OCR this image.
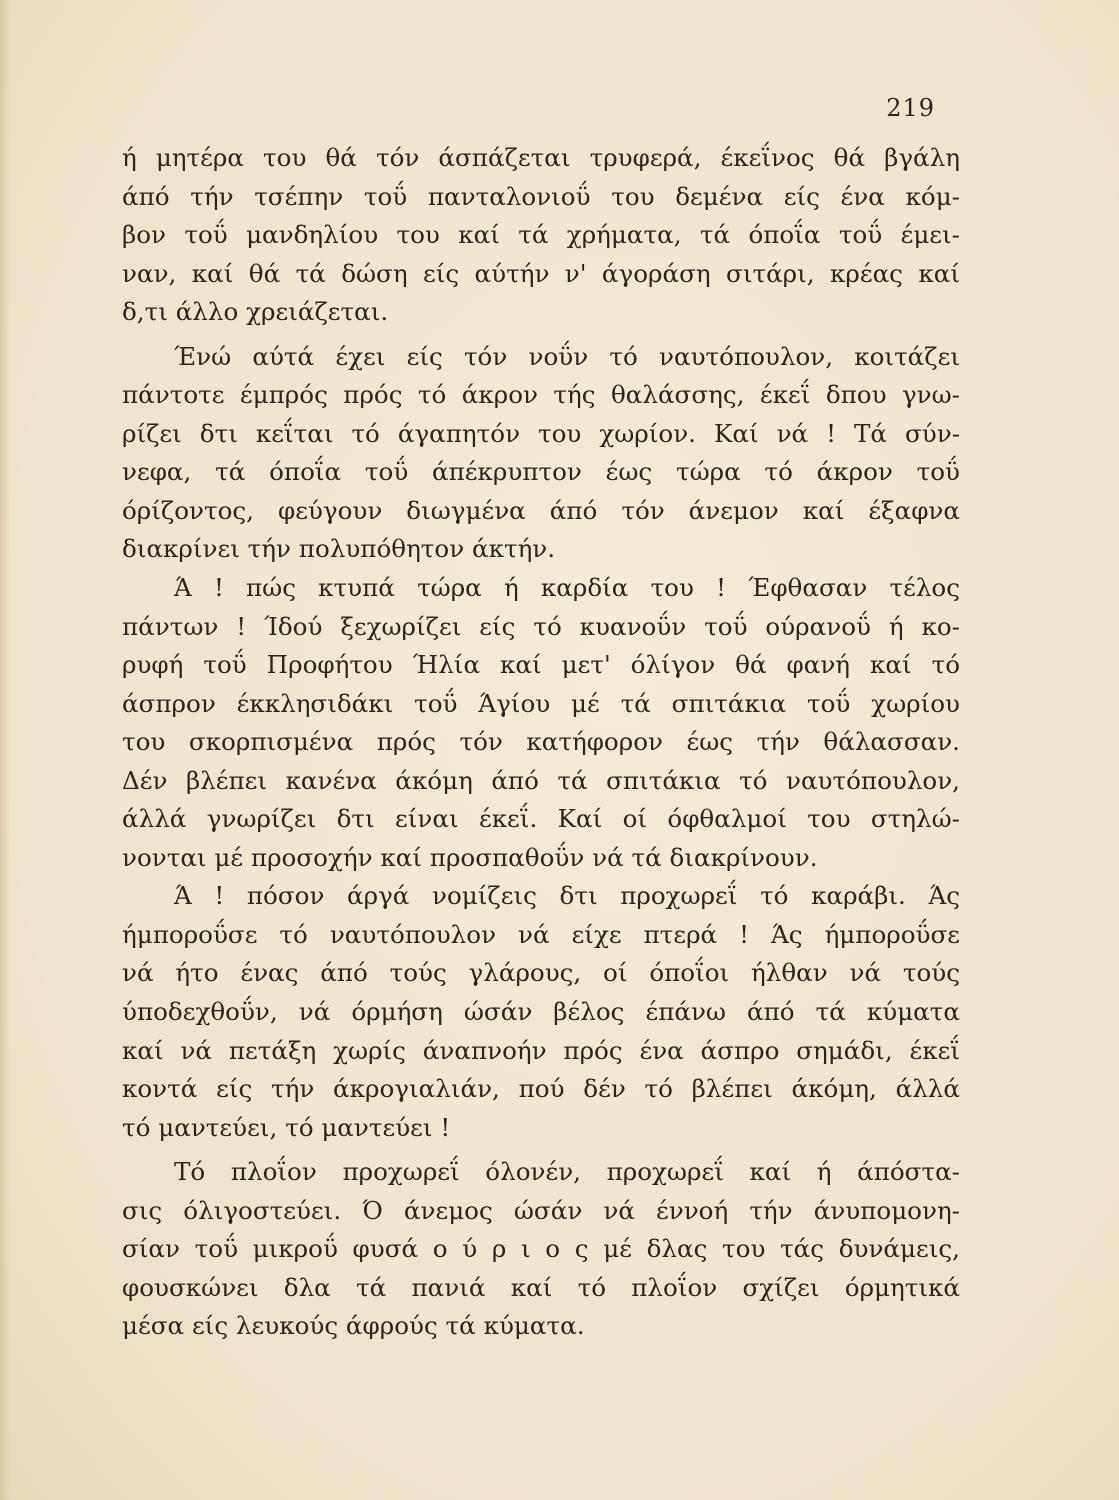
219
ή μητέρα του θά τόν άσπάζεται τρυφερά, έκεΐνος θά βγάλη
άπό τήν τσέπην τοΰ πανταλονιοΰ του δεμένα είς ένα κόμ-
βον τοΰ μανδηλίου του καί τά χρήματα, τά όποΐα τοΰ έμει-
ναν, καί θά τά δώση είς αύτήν ν' άγοράση σιτάρι, κρέας καί
δ,τι άλλο χρειάζεται.
Ένώ αύτά έχει είς τόν νοΰν τό ναυτόπουλον, κοιτάζει
πάντοτε έμπρός πρός τό άκρον τής θαλάσσης, έκεΐ δπου γνω-
ρίζει δτι κεΐται τό άγαπητόν του χωρίον. Καί νά ! Τά σύν-
νεφα, τά όποΐα τοΰ άπέκρυπτον έως τώρα τό άκρον τοΰ
όρίζοντος, φεύγουν διωγμένα άπό τόν άνεμον καί έξαφνα
διακρίνει τήν πολυπόθητον άκτήν.
Ά ! πώς κτυπά τώρα ή καρδία του ! Έφθασαν τέλος
πάντων ! Ίδού ξεχωρίζει είς τό κυανοΰν τοΰ ούρανοΰ ή κο-
ρυφή τοΰ Προφήτου Ήλία καί μετ' όλίγον θά φανή καί τό
άσπρον έκκλησιδάκι τοΰ Άγίου μέ τά σπιτάκια τοΰ χωρίου
του σκορπισμένα πρός τόν κατήφορον έως τήν θάλασσαν.
Δέν βλέπει κανένα άκόμη άπό τά σπιτάκια τό ναυτόπουλον,
άλλά γνωρίζει δτι είναι έκεΐ. Καί οί όφθαλμοί του στηλώ-
νονται μέ προσοχήν καί προσπαθοΰν νά τά διακρίνουν.
Ά ! πόσον άργά νομίζεις δτι προχωρεΐ τό καράβι. Άς
ήμποροΰσε τό ναυτόπουλον νά είχε πτερά ! Άς ήμποροΰσε
νά ήτο ένας άπό τούς γλάρους, οί όποΐοι ήλθαν νά τούς
ύποδεχθοΰν, νά όρμήση ώσάν βέλος έπάνω άπό τά κύματα
καί νά πετάξη χωρίς άναπνοήν πρός ένα άσπρο σημάδι, έκεΐ
κοντά είς τήν άκρογιαλιάν, πού δέν τό βλέπει άκόμη, άλλά
τό μαντεύει, τό μαντεύει !
Τό πλοΐον προχωρεΐ όλονέν, προχωρεΐ καί ή άπόστα-
σις όλιγοστεύει. Ό άνεμος ώσάν νά έννοή τήν άνυπομονη-
σίαν τοΰ μικροΰ φυσά ο ύ ρ ι ο ς μέ δλας του τάς δυνάμεις,
φουσκώνει δλα τά πανιά καί τό πλοΐον σχίζει όρμητικά
μέσα είς λευκούς άφρούς τά κύματα.
